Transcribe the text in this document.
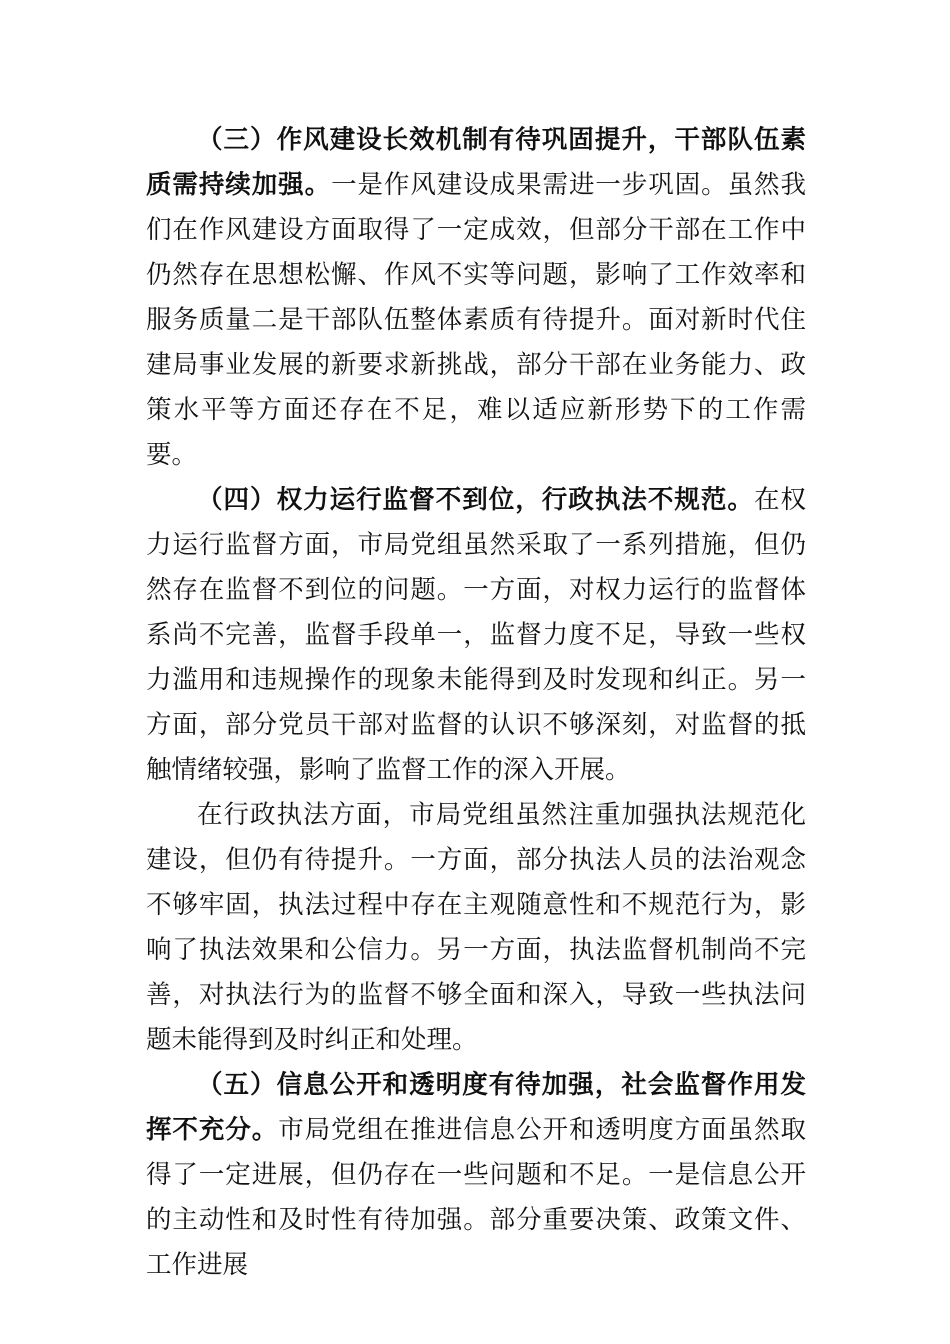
（三）作风建设长效机制有待巩固提升，干部队伍素质需持续加强。一是作风建设成果需进一步巩固。虽然我们在作风建设方面取得了一定成效，但部分干部在工作中仍然存在思想松懈、作风不实等问题，影响了工作效率和服务质量二是干部队伍整体素质有待提升。面对新时代住建局事业发展的新要求新挑战，部分干部在业务能力、政策水平等方面还存在不足，难以适应新形势下的工作需要。

（四）权力运行监督不到位，行政执法不规范。在权力运行监督方面，市局党组虽然采取了一系列措施，但仍然存在监督不到位的问题。一方面，对权力运行的监督体系尚不完善，监督手段单一，监督力度不足，导致一些权力滥用和违规操作的现象未能得到及时发现和纠正。另一方面，部分党员干部对监督的认识不够深刻，对监督的抵触情绪较强，影响了监督工作的深入开展。

在行政执法方面，市局党组虽然注重加强执法规范化建设，但仍有待提升。一方面，部分执法人员的法治观念不够牢固，执法过程中存在主观随意性和不规范行为，影响了执法效果和公信力。另一方面，执法监督机制尚不完善，对执法行为的监督不够全面和深入，导致一些执法问题未能得到及时纠正和处理。

（五）信息公开和透明度有待加强，社会监督作用发挥不充分。市局党组在推进信息公开和透明度方面虽然取得了一定进展，但仍存在一些问题和不足。一是信息公开的主动性和及时性有待加强。部分重要决策、政策文件、工作进展
